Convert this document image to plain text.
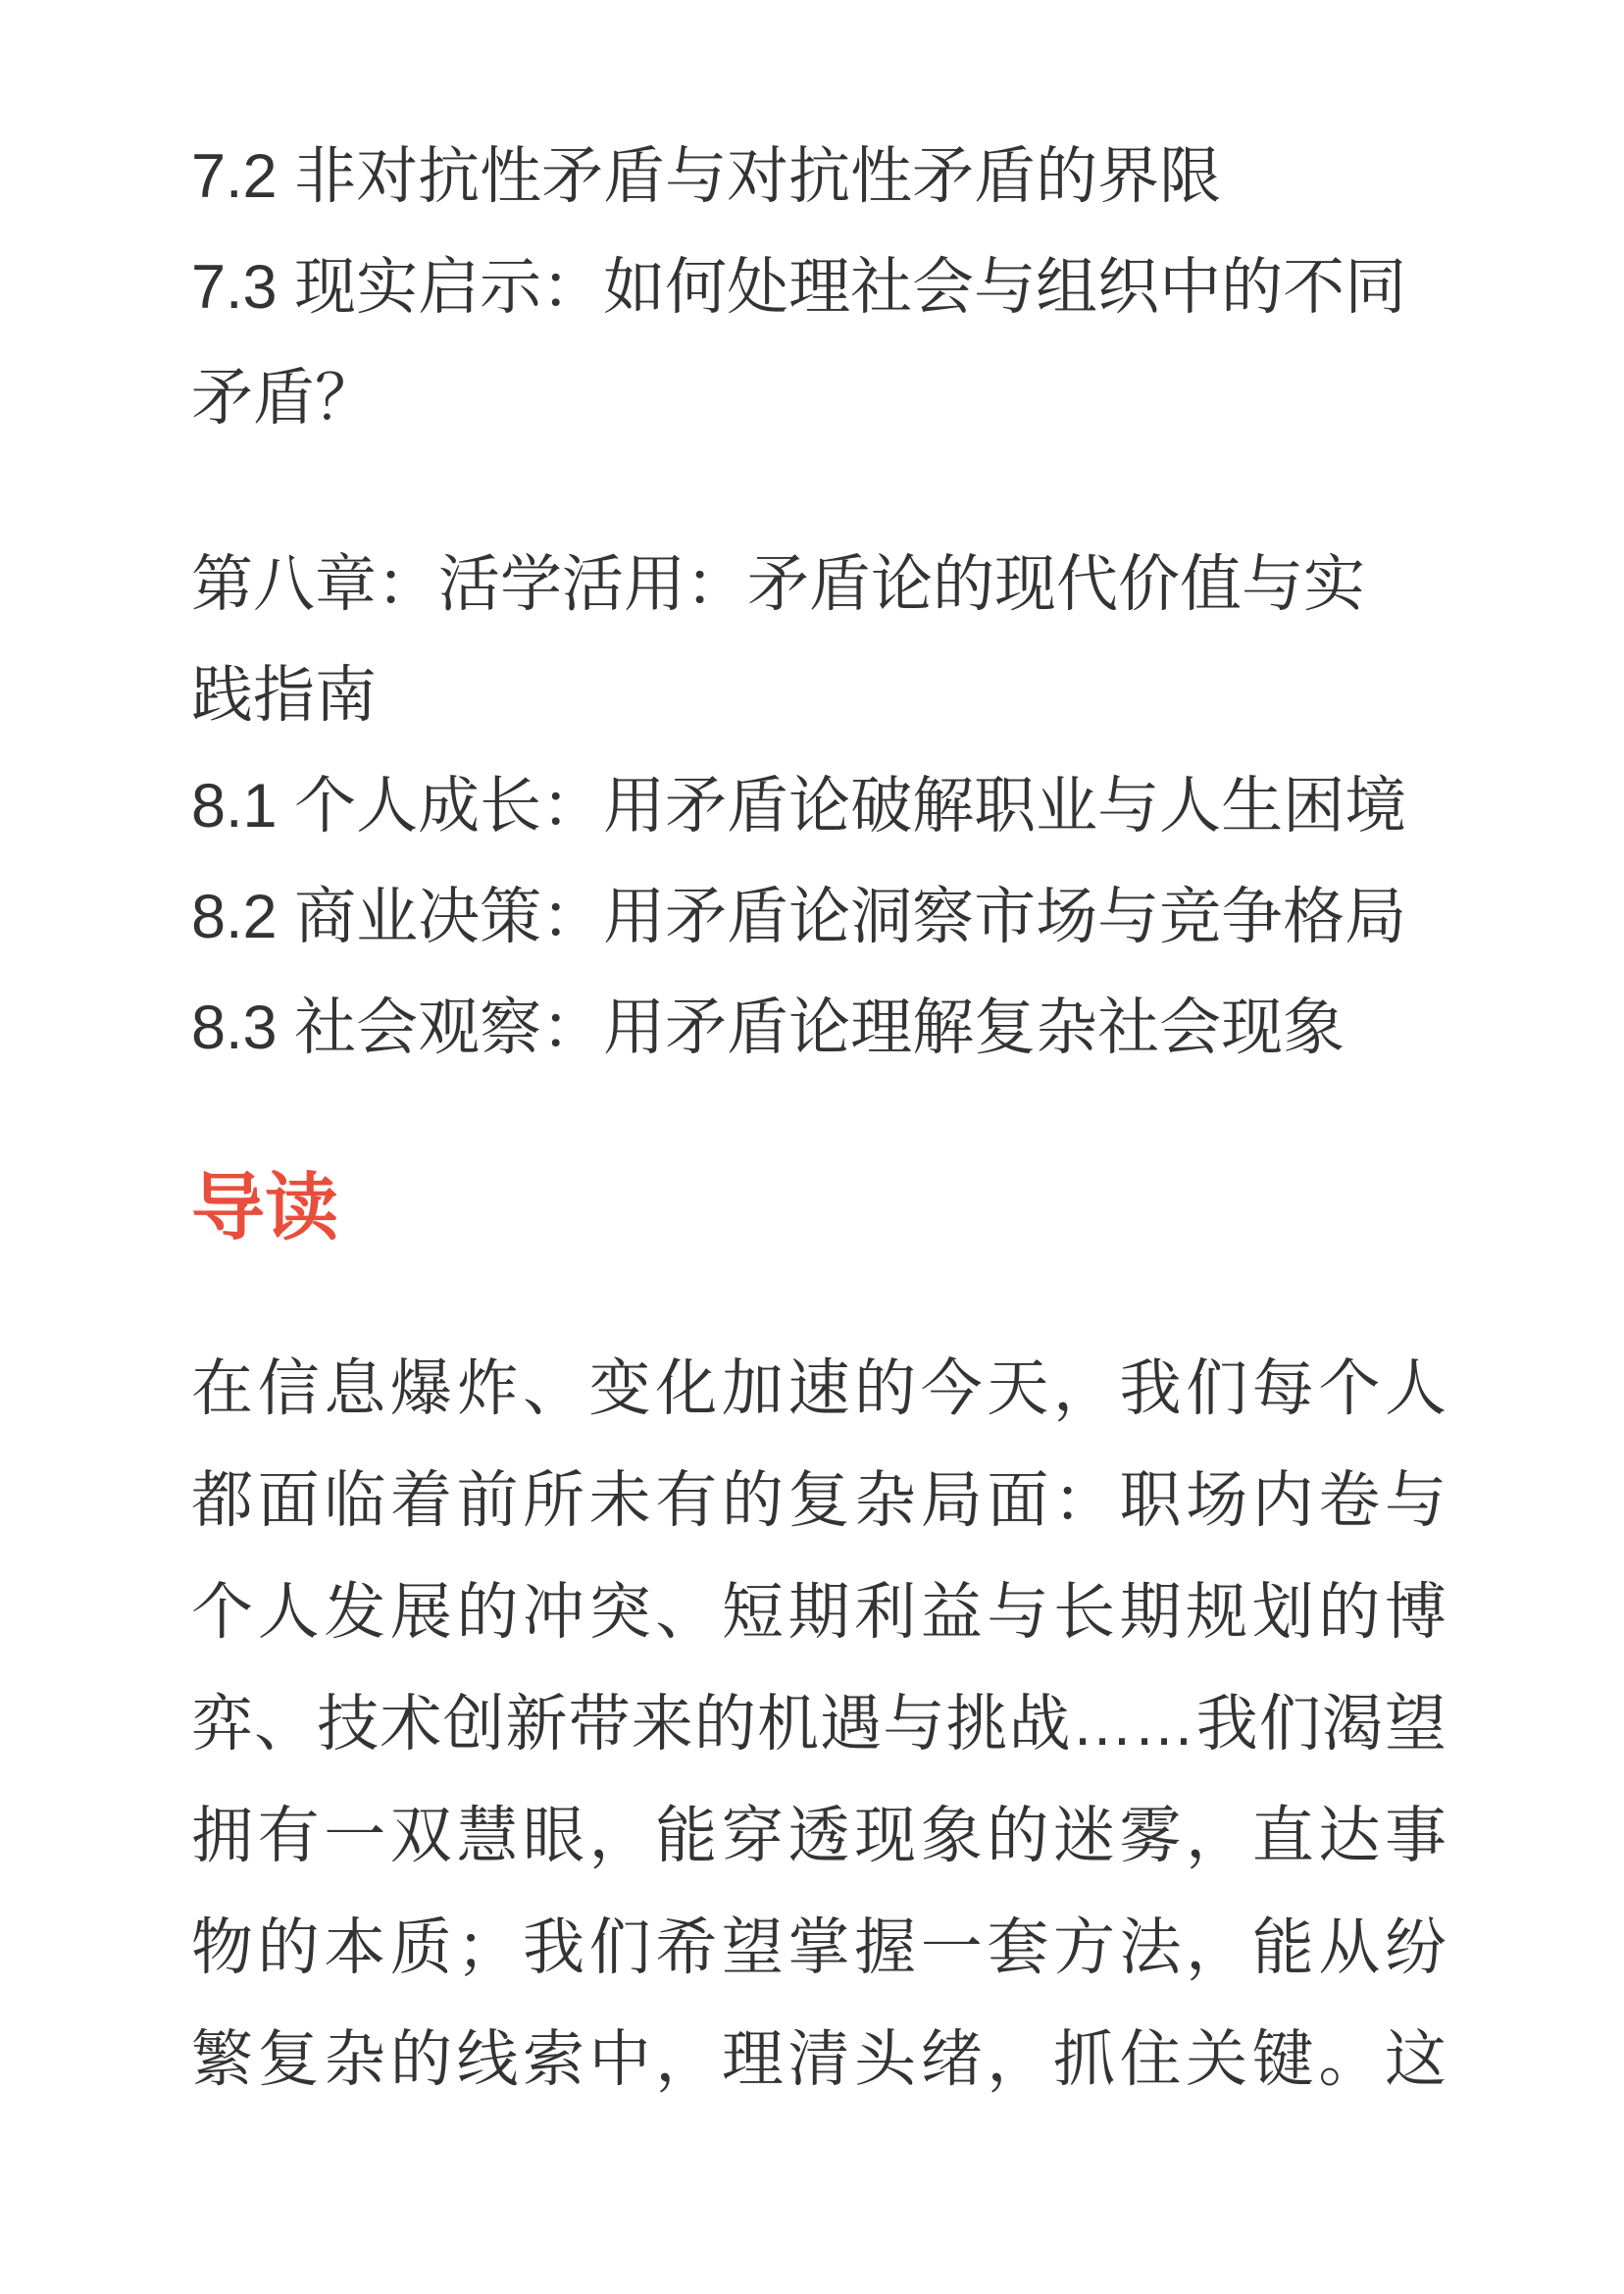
7.2 非对抗性矛盾与对抗性矛盾的界限
7.3 现实启示：如何处理社会与组织中的不同
矛盾？
第八章：活学活用：矛盾论的现代价值与实
践指南
8.1 个人成长：用矛盾论破解职业与人生困境
8.2 商业决策：用矛盾论洞察市场与竞争格局
8.3 社会观察：用矛盾论理解复杂社会现象
导读
在信息爆炸、变化加速的今天，我们每个人
都面临着前所未有的复杂局面：职场内卷与
个人发展的冲突、短期利益与长期规划的博
弈、技术创新带来的机遇与挑战……我们渴望
拥有一双慧眼，能穿透现象的迷雾，直达事
物的本质；我们希望掌握一套方法，能从纷
繁复杂的线索中，理清头绪，抓住关键。这
